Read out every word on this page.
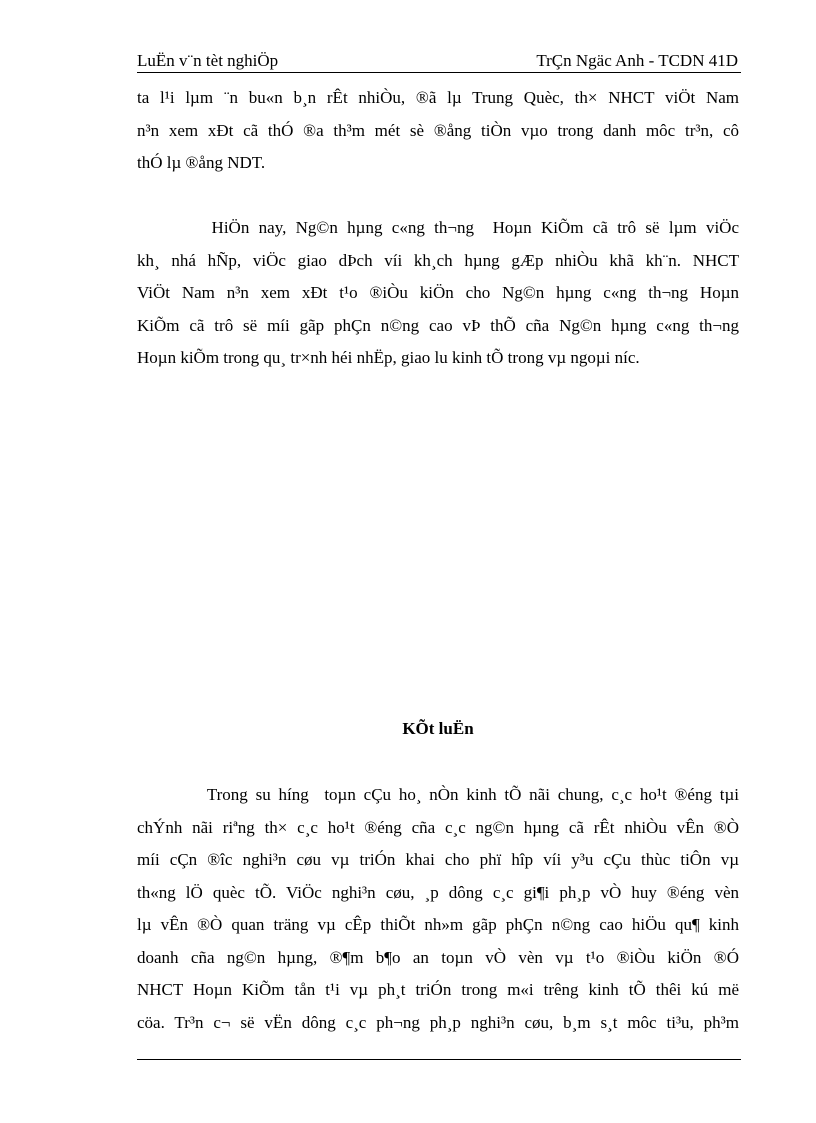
LuËn v¨n tèt nghiÖp	TrÇn Ngäc Anh - TCDN 41D
ta l¹i lµm ¨n bu«n b¸n rÊt nhiÒu, ®ã lµ Trung Quèc, th× NHCT viÖt Nam
n³n xem xÐt cã thÓ ®a th³m mét sè ®ång tiÒn vµo trong danh môc tr³n, cô
thÓ lµ ®ång NDT.
HiÖn nay, Ng©n hµng c«ng th¬ng  Hoµn KiÕm cã trô së lµm viÖc
kh¸ nhá hÑp, viÖc giao dÞch víi kh¸ch hµng gÆp nhiÒu khã kh¨n. NHCT
ViÖt Nam n³n xem xÐt t¹o ®iÒu kiÖn cho Ng©n hµng c«ng th¬ng Hoµn
KiÕm cã trô së míi gãp phÇn n©ng cao vÞ thÕ cña Ng©n hµng c«ng th¬ng
Hoµn kiÕm trong qu¸ tr×nh héi nhËp, giao lu kinh tÕ trong vµ ngoµi níc.
KÕt luËn
Trong su híng  toµn cÇu ho¸ nÒn kinh tÕ nãi chung, c¸c ho¹t ®éng tµi
chÝnh nãi riªng th× c¸c ho¹t ®éng cña c¸c ng©n hµng cã rÊt nhiÒu vÊn ®Ò
míi cÇn ®îc nghi³n cøu vµ triÓn khai cho phï hîp víi y³u cÇu thùc tiÔn vµ
th«ng lÖ quèc tÕ. ViÖc nghi³n cøu, ¸p dông c¸c gi¶i ph¸p vÒ huy ®éng vèn
lµ vÊn ®Ò quan träng vµ cÊp thiÕt nh»m gãp phÇn n©ng cao hiÖu qu¶ kinh
doanh cña ng©n hµng, ®¶m b¶o an toµn vÒ vèn vµ t¹o ®iÒu kiÖn ®Ó
NHCT Hoµn KiÕm tån t¹i vµ ph¸t triÓn trong m«i trêng kinh tÕ thêi kú më
cöa. Tr³n c¬ së vËn dông c¸c ph¬ng ph¸p nghi³n cøu, b¸m s¸t môc ti³u, ph³m
